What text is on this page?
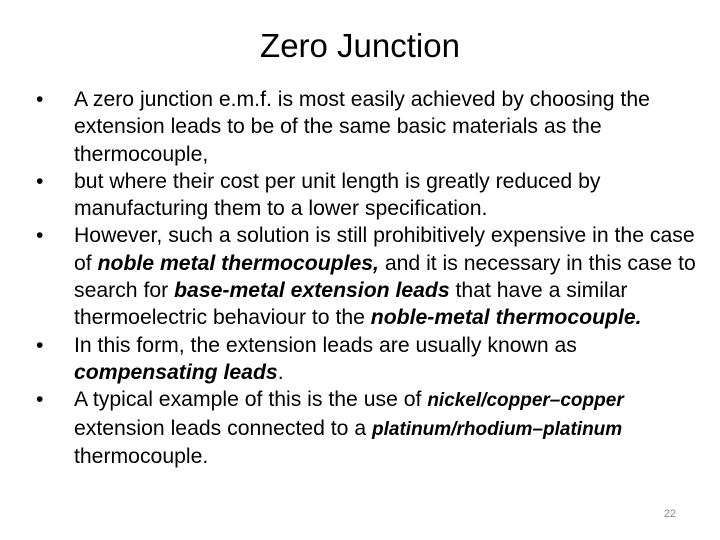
Zero Junction
•	A zero junction e.m.f. is most easily achieved by choosing the extension leads to be of the same basic materials as the thermocouple,
•	but where their cost per unit length is greatly reduced by manufacturing them to a lower specification.
•	However, such a solution is still prohibitively expensive in the case of noble metal thermocouples, and it is necessary in this case to search for base-metal extension leads that have a similar thermoelectric behaviour to the noble-metal thermocouple.
•	In this form, the extension leads are usually known as compensating leads.
•	A typical example of this is the use of nickel/copper–copper extension leads connected to a platinum/rhodium–platinum thermocouple.
22
